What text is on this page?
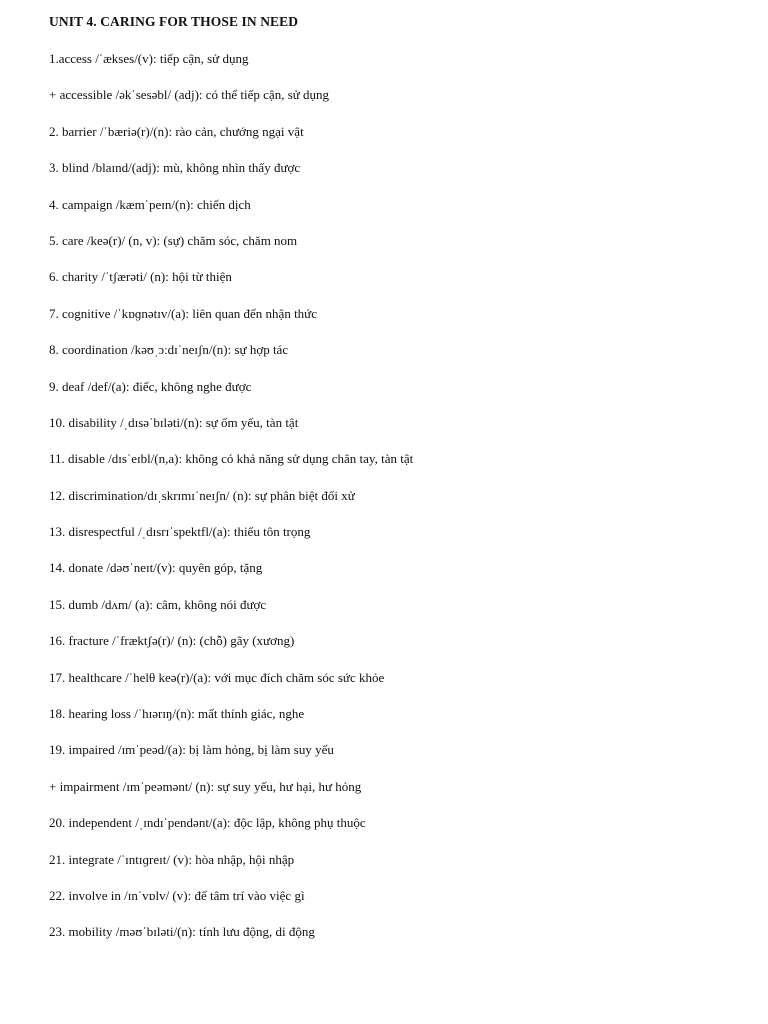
UNIT 4. CARING FOR THOSE IN NEED
1.access /ˈækses/(v): tiếp cận, sử dụng
+ accessible /əkˈsesəbl/ (adj): có thể tiếp cận, sử dụng
2. barrier /ˈbæriə(r)/(n): rào cản, chướng ngại vật
3. blind /blaɪnd/(adj): mù, không nhìn thấy được
4. campaign /kæmˈpeɪn/(n): chiến dịch
5. care /keə(r)/ (n, v): (sự) chăm sóc, chăm nom
6. charity /ˈtʃærəti/ (n): hội từ thiện
7. cognitive /ˈkɒɡnətɪv/(a): liên quan đến nhận thức
8. coordination /kəʊˌɔːdɪˈneɪʃn/(n): sự hợp tác
9. deaf /def/(a): điếc, không nghe được
10. disability /ˌdɪsəˈbɪləti/(n): sự ốm yếu, tàn tật
11. disable /dɪsˈeɪbl/(n,a): không có khả năng sử dụng chân tay, tàn tật
12. discrimination/dɪˌskrɪmɪˈneɪʃn/ (n): sự phân biệt đối xử
13. disrespectful /ˌdɪsrɪˈspektfl/(a): thiếu tôn trọng
14. donate /dəʊˈneɪt/(v): quyên góp, tặng
15. dumb /dʌm/ (a): câm, không nói được
16. fracture /ˈfræktʃə(r)/ (n): (chỗ) gãy (xương)
17. healthcare /ˈhelθ keə(r)/(a): với mục đích chăm sóc sức khỏe
18. hearing loss /ˈhɪərɪŋ/(n): mất thính giác, nghe
19. impaired /ɪmˈpeəd/(a): bị làm hỏng, bị làm suy yếu
+ impairment /ɪmˈpeəmənt/ (n): sự suy yếu, hư hại, hư hỏng
20. independent /ˌɪndɪˈpendənt/(a): độc lập, không phụ thuộc
21. integrate /ˈɪntɪɡreɪt/ (v): hòa nhập, hội nhập
22. involve in /ɪnˈvɒlv/ (v): để tâm trí vào việc gì
23. mobility /məʊˈbɪləti/(n): tính lưu động, di động
